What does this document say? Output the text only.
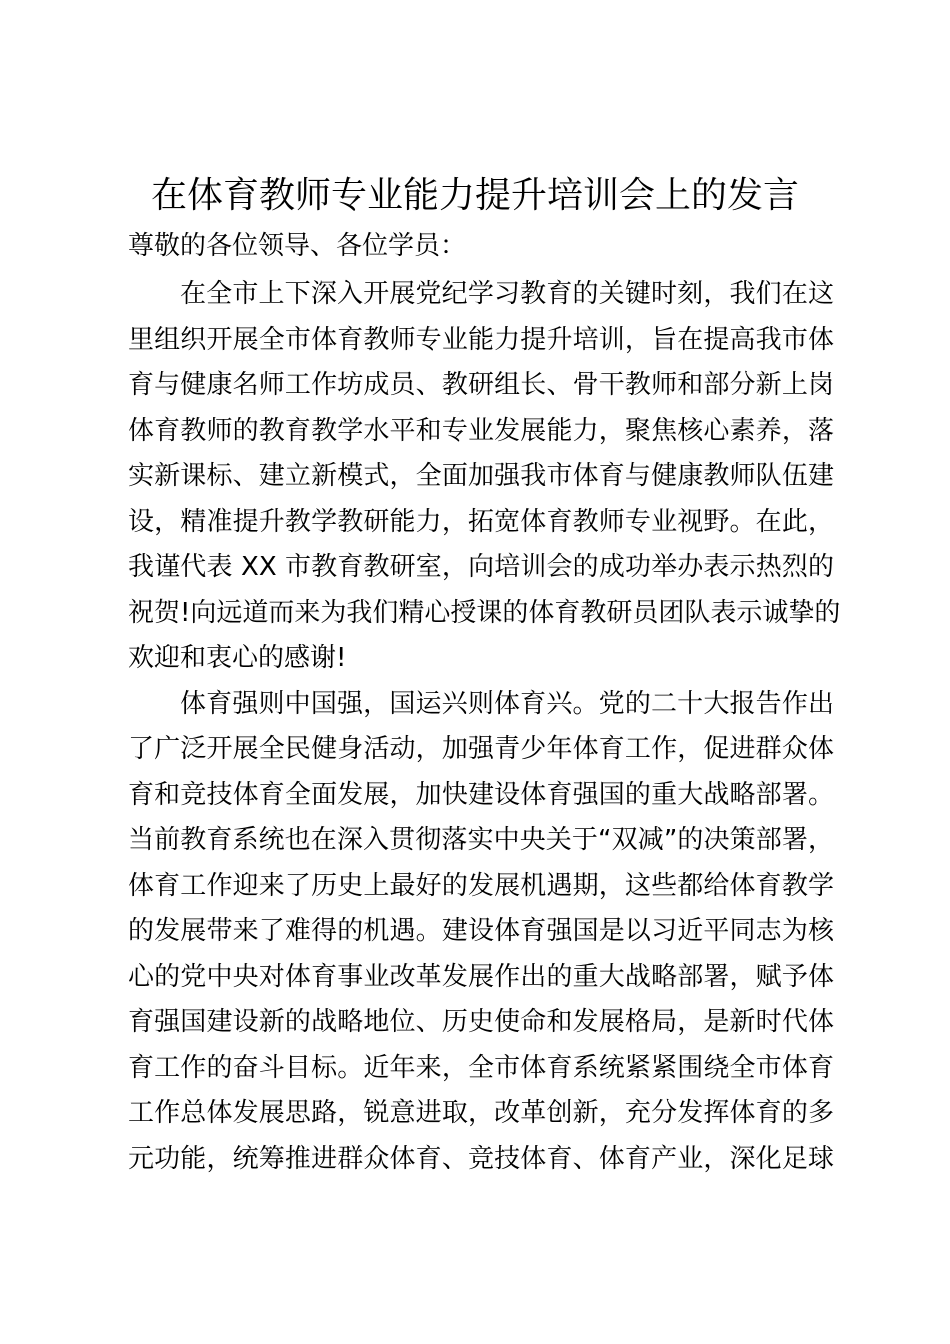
在体育教师专业能力提升培训会上的发言
尊敬的各位领导、各位学员：
在全市上下深入开展党纪学习教育的关键时刻，我们在这
里组织开展全市体育教师专业能力提升培训，旨在提高我市体
育与健康名师工作坊成员、教研组长、骨干教师和部分新上岗
体育教师的教育教学水平和专业发展能力，聚焦核心素养，落
实新课标、建立新模式，全面加强我市体育与健康教师队伍建
设，精准提升教学教研能力，拓宽体育教师专业视野。在此，
我谨代表 XX 市教育教研室，向培训会的成功举办表示热烈的
祝贺!向远道而来为我们精心授课的体育教研员团队表示诚挚的
欢迎和衷心的感谢!
体育强则中国强，国运兴则体育兴。党的二十大报告作出
了广泛开展全民健身活动，加强青少年体育工作，促进群众体
育和竞技体育全面发展，加快建设体育强国的重大战略部署。
当前教育系统也在深入贯彻落实中央关于“双减”的决策部署，
体育工作迎来了历史上最好的发展机遇期，这些都给体育教学
的发展带来了难得的机遇。建设体育强国是以习近平同志为核
心的党中央对体育事业改革发展作出的重大战略部署，赋予体
育强国建设新的战略地位、历史使命和发展格局，是新时代体
育工作的奋斗目标。近年来，全市体育系统紧紧围绕全市体育
工作总体发展思路，锐意进取，改革创新，充分发挥体育的多
元功能，统筹推进群众体育、竞技体育、体育产业，深化足球
